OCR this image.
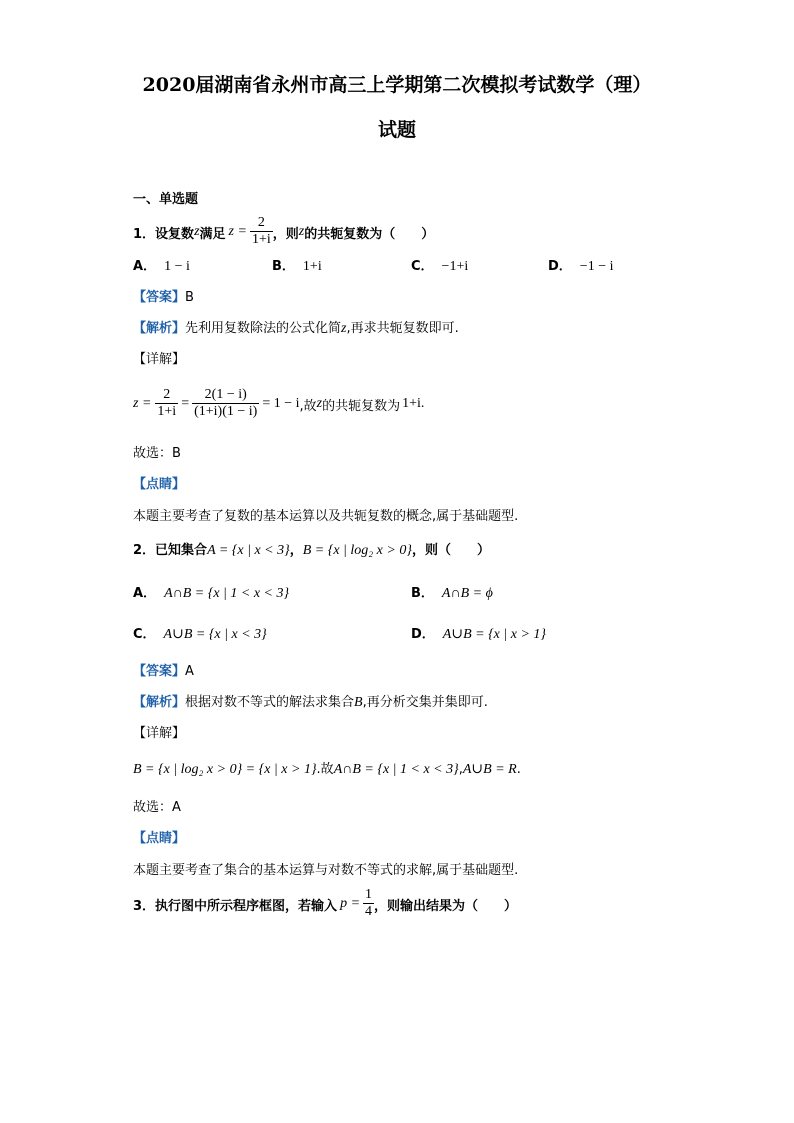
2020届湖南省永州市高三上学期第二次模拟考试数学（理）
试题
一、单选题
1． 设复数 z 满足 $z = \frac{2}{1+i}$ ，则 z 的共轭复数为（　　）
A． 1 − i	B． 1+i	C． −1+i	D． −1 − i
【答案】B
【解析】先利用复数除法的公式化简z,再求共轭复数即可.
【详解】
$z = \frac{2}{1+i} = \frac{2(1 - i)}{(1+i)(1 - i)} = 1 - i$ ,故 z 的共轭复数为 1+i .
故选：B
【点睛】
本题主要考查了复数的基本运算以及共轭复数的概念,属于基础题型.
2．已知集合A = {x | x < 3}，B = {x | log₂ x > 0}，则（　　）
A． A∩B = {x | 1 < x < 3}	B． A∩B = ϕ
C． A∪B = {x | x < 3}	D． A∪B = {x | x > 1}
【答案】A
【解析】根据对数不等式的解法求集合B,再分析交集并集即可.
【详解】
B = {x | log₂ x > 0} = {x | x > 1}.故A∩B = {x | 1 < x < 3},A∪B = R.
故选：A
【点睛】
本题主要考查了集合的基本运算与对数不等式的求解,属于基础题型.
3． 执行图中所示程序框图，若输入 $p = \frac{1}{4}$ ，则输出结果为（　　）
